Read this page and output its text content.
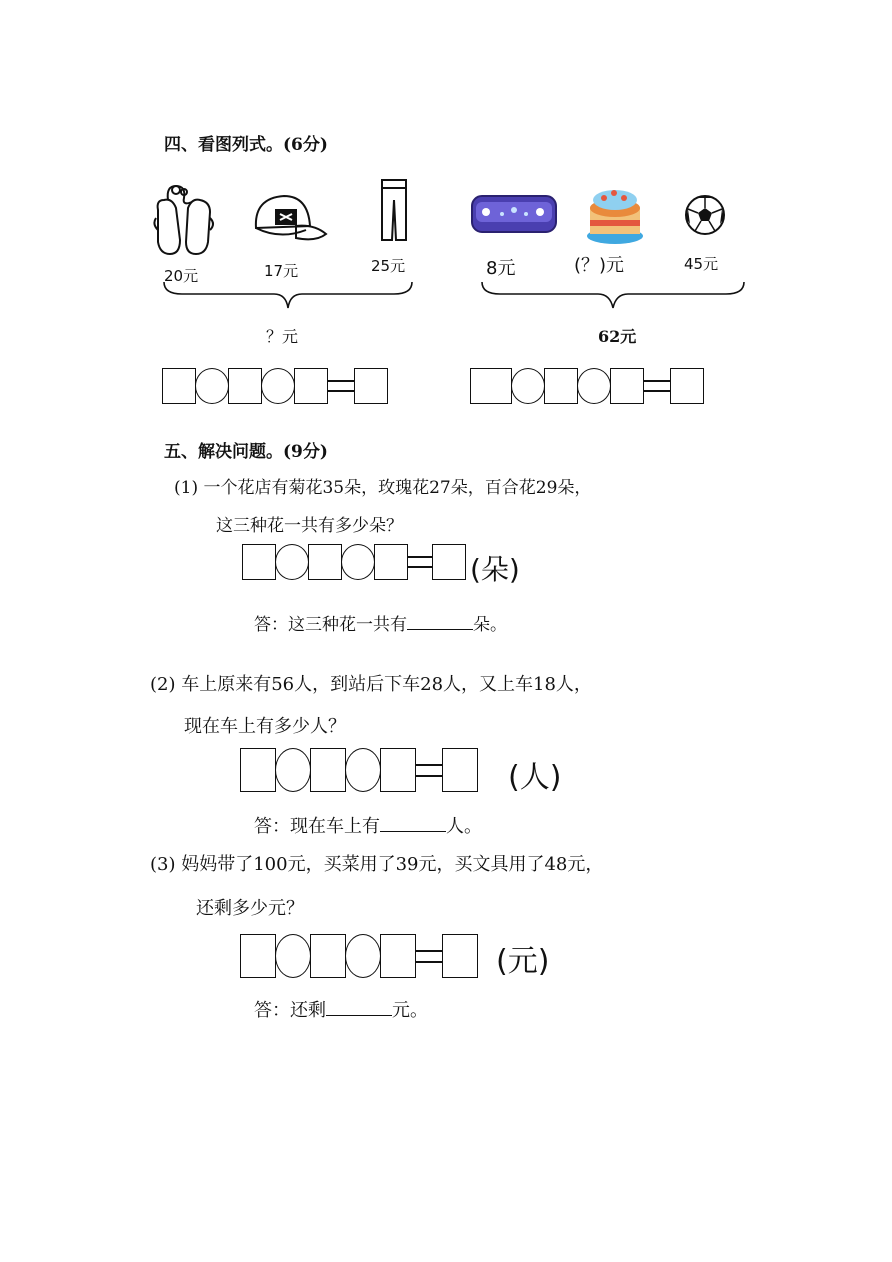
四、看图列式。(6分)
20元	17元	25元	8元	(？)元	45元
？元	62元
五、解决问题。(9分)
(1) 一个花店有菊花35朵，玫瑰花27朵，百合花29朵，
这三种花一共有多少朵？
(朵)
答：这三种花一共有	朵。
(2) 车上原来有56人，到站后下车28人，又上车18人，
现在车上有多少人？
(人)
答：现在车上有	人。
(3) 妈妈带了100元，买菜用了39元，买文具用了48元，
还剩多少元？
(元)
答：还剩	元。
